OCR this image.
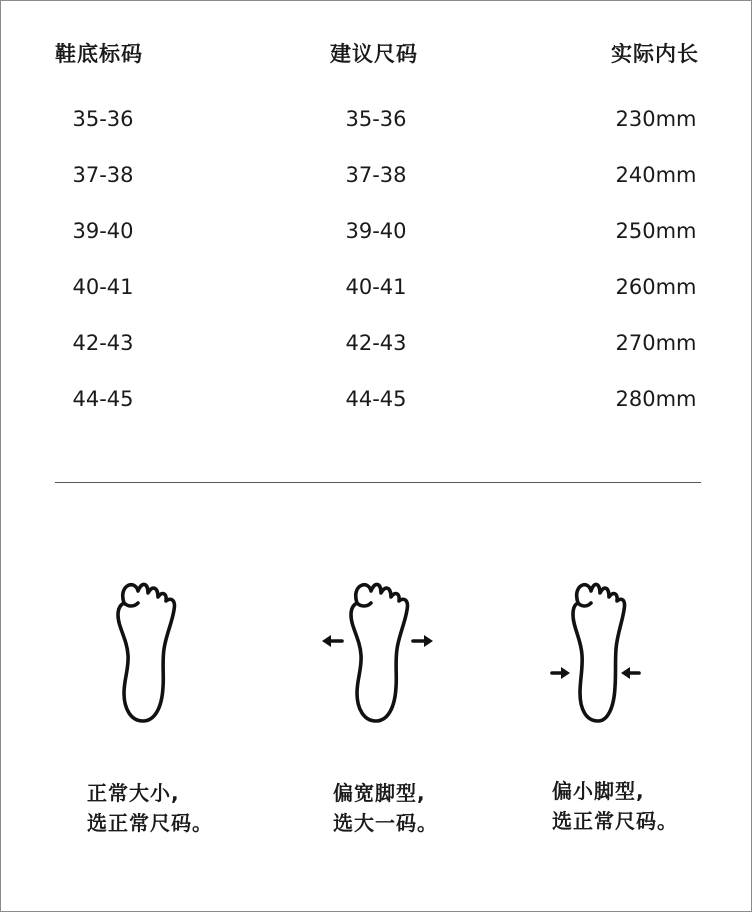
鞋底标码	建议尺码	实际内长
35-36	35-36	230mm
37-38	37-38	240mm
39-40	39-40	250mm
40-41	40-41	260mm
42-43	42-43	270mm
44-45	44-45	280mm
正常大小,
选正常尺码。
偏宽脚型,
选大一码。
偏小脚型,
选正常尺码。
